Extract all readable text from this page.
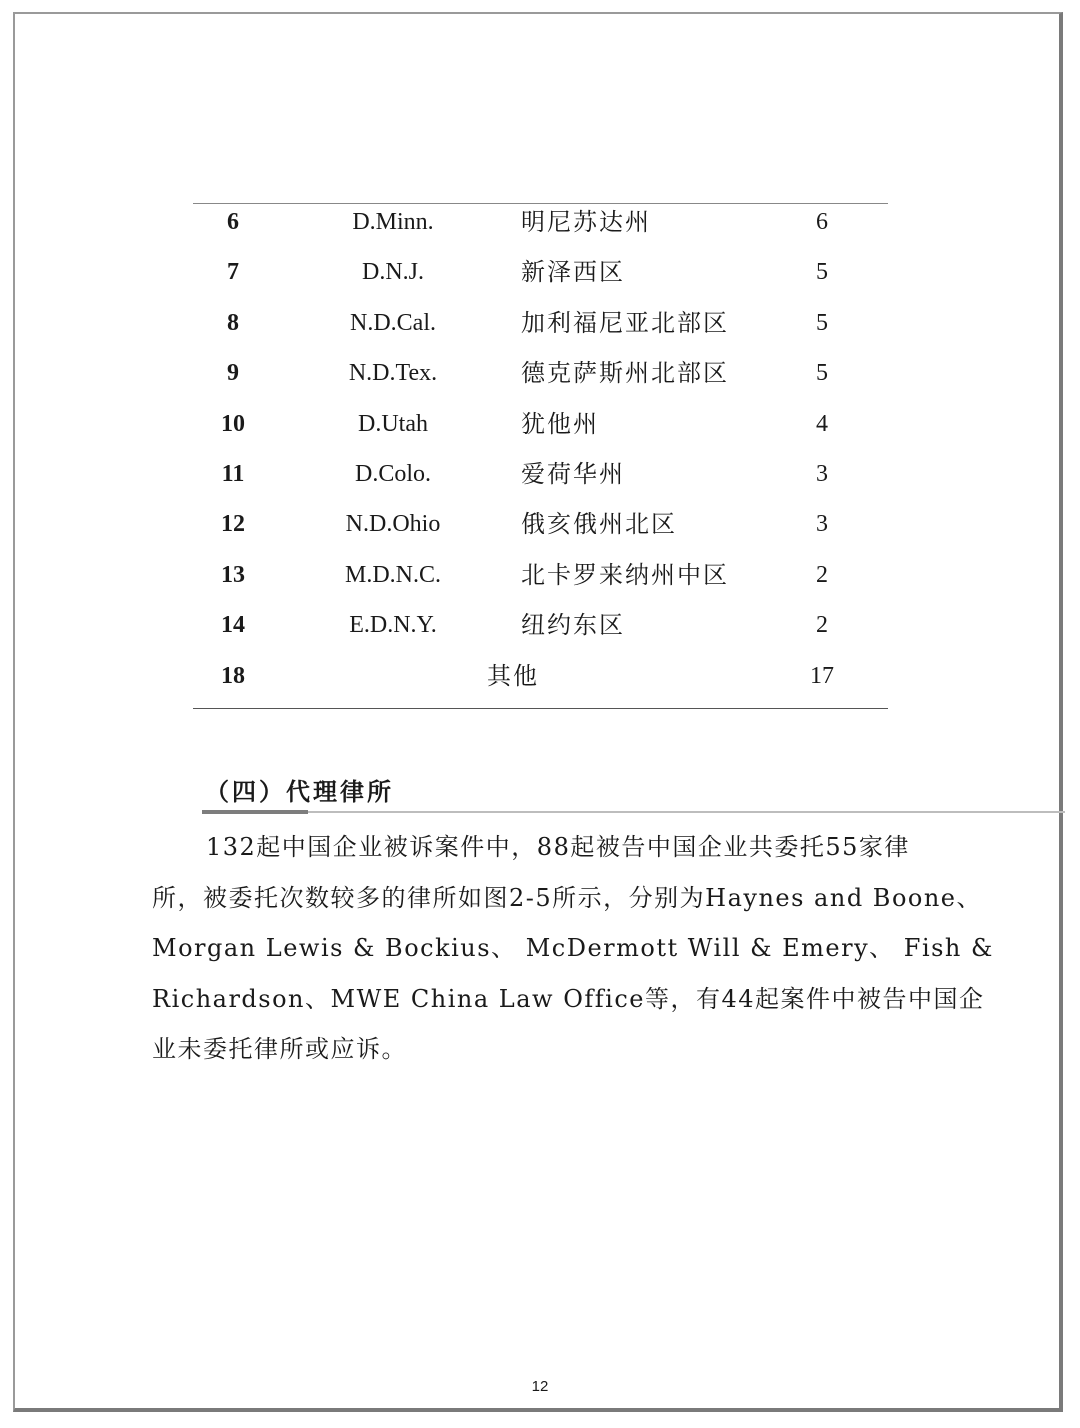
6	D.Minn.	明尼苏达州	6
7	D.N.J.	新泽西区	5
8	N.D.Cal.	加利福尼亚北部区	5
9	N.D.Tex.	德克萨斯州北部区	5
10	D.Utah	犹他州	4
11	D.Colo.	爱荷华州	3
12	N.D.Ohio	俄亥俄州北区	3
13	M.D.N.C.	北卡罗来纳州中区	2
14	E.D.N.Y.	纽约东区	2
18	其他	17
（四）代理律所
132起中国企业被诉案件中，88起被告中国企业共委托55家律
所，被委托次数较多的律所如图2-5所示，分别为Haynes and Boone、
Morgan Lewis & Bockius、 McDermott Will & Emery、 Fish &
Richardson、MWE China Law Office等，有44起案件中被告中国企
业未委托律所或应诉。
12
